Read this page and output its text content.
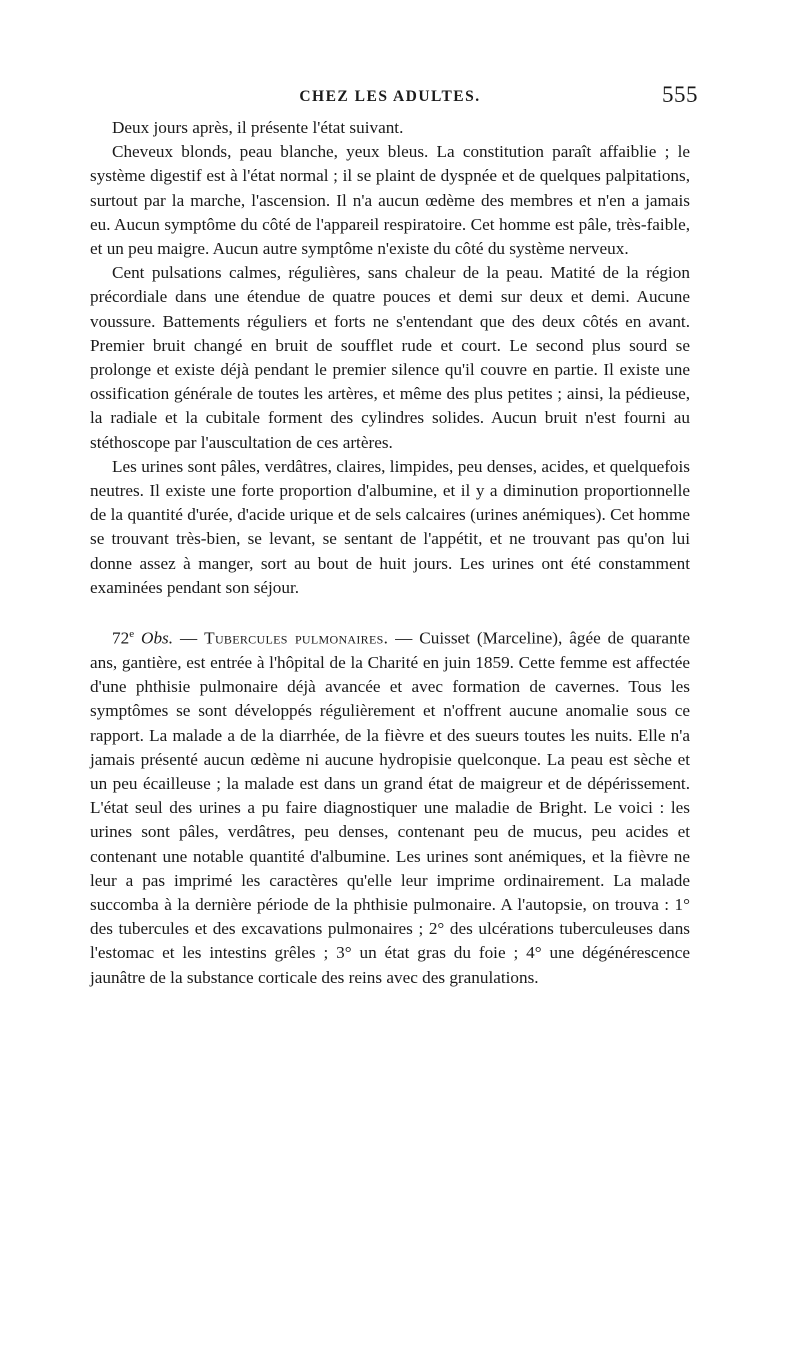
CHEZ LES ADULTES.	555

Deux jours après, il présente l'état suivant.

Cheveux blonds, peau blanche, yeux bleus. La constitution paraît affaiblie ; le système digestif est à l'état normal ; il se plaint de dyspnée et de quelques palpitations, surtout par la marche, l'ascension. Il n'a aucun œdème des membres et n'en a jamais eu. Aucun symptôme du côté de l'appareil respiratoire. Cet homme est pâle, très-faible, et un peu maigre. Aucun autre symptôme n'existe du côté du système nerveux.

Cent pulsations calmes, régulières, sans chaleur de la peau. Matité de la région précordiale dans une étendue de quatre pouces et demi sur deux et demi. Aucune voussure. Battements réguliers et forts ne s'entendant que des deux côtés en avant. Premier bruit changé en bruit de soufflet rude et court. Le second plus sourd se prolonge et existe déjà pendant le premier silence qu'il couvre en partie. Il existe une ossification générale de toutes les artères, et même des plus petites ; ainsi, la pédieuse, la radiale et la cubitale forment des cylindres solides. Aucun bruit n'est fourni au stéthoscope par l'auscultation de ces artères.

Les urines sont pâles, verdâtres, claires, limpides, peu denses, acides, et quelquefois neutres. Il existe une forte proportion d'albumine, et il y a diminution proportionnelle de la quantité d'urée, d'acide urique et de sels calcaires (urines anémiques). Cet homme se trouvant très-bien, se levant, se sentant de l'appétit, et ne trouvant pas qu'on lui donne assez à manger, sort au bout de huit jours. Les urines ont été constamment examinées pendant son séjour.

72e Obs. — Tubercules pulmonaires. — Cuisset (Marceline), âgée de quarante ans, gantière, est entrée à l'hôpital de la Charité en juin 1859. Cette femme est affectée d'une phthisie pulmonaire déjà avancée et avec formation de cavernes. Tous les symptômes se sont développés régulièrement et n'offrent aucune anomalie sous ce rapport. La malade a de la diarrhée, de la fièvre et des sueurs toutes les nuits. Elle n'a jamais présenté aucun œdème ni aucune hydropisie quelconque. La peau est sèche et un peu écailleuse ; la malade est dans un grand état de maigreur et de dépérissement. L'état seul des urines a pu faire diagnostiquer une maladie de Bright. Le voici : les urines sont pâles, verdâtres, peu denses, contenant peu de mucus, peu acides et contenant une notable quantité d'albumine. Les urines sont anémiques, et la fièvre ne leur a pas imprimé les caractères qu'elle leur imprime ordinairement. La malade succomba à la dernière période de la phthisie pulmonaire. A l'autopsie, on trouva : 1° des tubercules et des excavations pulmonaires ; 2° des ulcérations tuberculeuses dans l'estomac et les intestins grêles ; 3° un état gras du foie ; 4° une dégénérescence jaunâtre de la substance corticale des reins avec des granulations.
